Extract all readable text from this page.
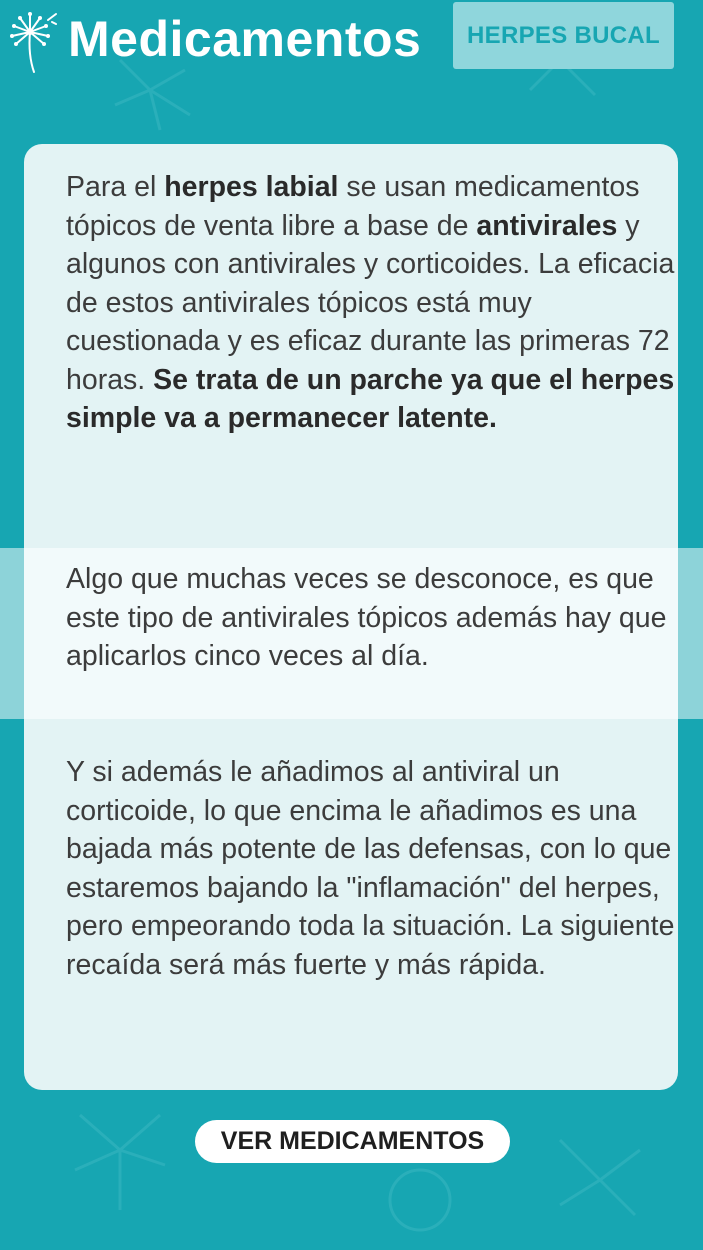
Medicamentos	HERPES BUCAL

Para el herpes labial se usan medicamentos tópicos de venta libre a base de antivirales y algunos con antivirales y corticoides. La eficacia de estos antivirales tópicos está muy cuestionada y es eficaz durante las primeras 72 horas. Se trata de un parche ya que el herpes simple va a permanecer latente.

Algo que muchas veces se desconoce, es que este tipo de antivirales tópicos además hay que aplicarlos cinco veces al día.

Y si además le añadimos al antiviral un corticoide, lo que encima le añadimos es una bajada más potente de las defensas, con lo que estaremos bajando la "inflamación" del herpes, pero empeorando toda la situación. La siguiente recaída será más fuerte y más rápida.

VER MEDICAMENTOS
